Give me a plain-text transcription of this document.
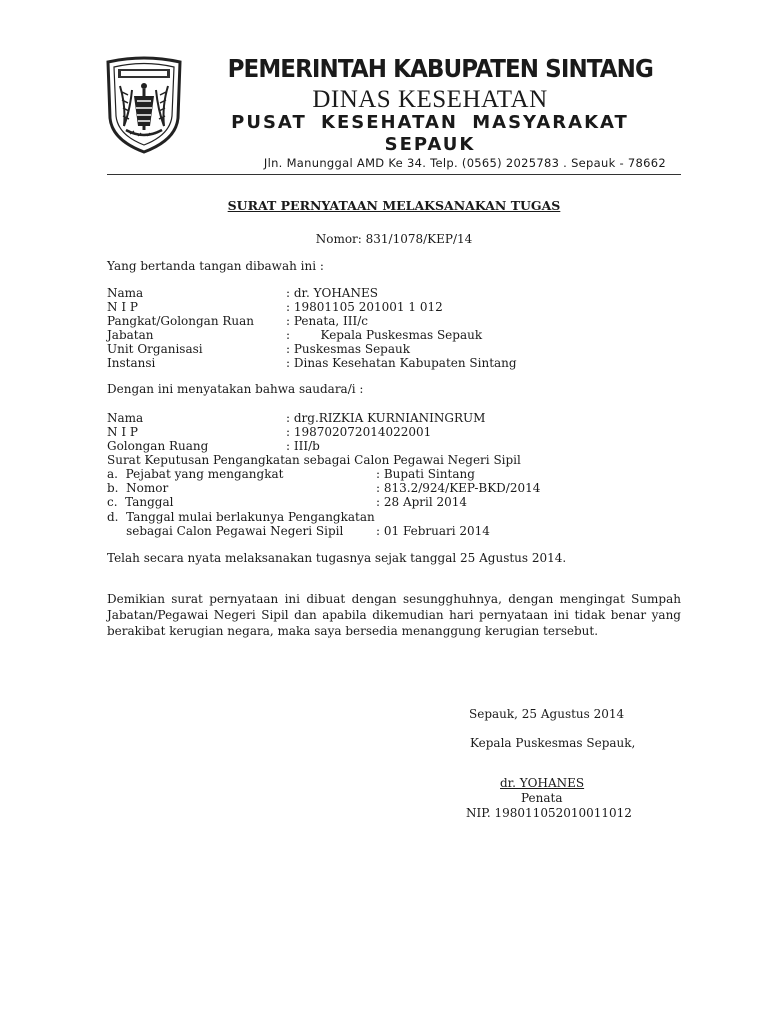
PEMERINTAH KABUPATEN SINTANG
DINAS KESEHATAN
PUSAT KESEHATAN MASYARAKAT
SEPAUK
Jln. Manunggal AMD Ke 34. Telp. (0565) 2025783 . Sepauk - 78662
SURAT PERNYATAAN MELAKSANAKAN TUGAS
Nomor: 831/1078/KEP/14
Yang bertanda tangan dibawah ini :
Nama	: dr. YOHANES
N I P	: 19801105 201001 1 012
Pangkat/Golongan Ruan	: Penata, III/c
Jabatan	:        Kepala Puskesmas Sepauk
Unit Organisasi	: Puskesmas Sepauk
Instansi	: Dinas Kesehatan Kabupaten Sintang
Dengan ini menyatakan bahwa saudara/i :
Nama	: drg.RIZKIA KURNIANINGRUM
N I P	: 198702072014022001
Golongan Ruang	: III/b
Surat Keputusan Pengangkatan sebagai Calon Pegawai Negeri Sipil
a.  Pejabat yang mengangkat	: Bupati Sintang
b.  Nomor	: 813.2/924/KEP-BKD/2014
c.  Tanggal	: 28 April 2014
d.  Tanggal mulai berlakunya Pengangkatan
sebagai Calon Pegawai Negeri Sipil	: 01 Februari 2014
Telah secara nyata melaksanakan tugasnya sejak tanggal 25 Agustus 2014.
Demikian surat pernyataan ini dibuat dengan sesungghuhnya, dengan mengingat Sumpah Jabatan/Pegawai Negeri Sipil dan apabila dikemudian hari pernyataan ini tidak benar yang berakibat kerugian negara, maka saya bersedia menanggung kerugian tersebut.
Sepauk, 25 Agustus 2014
Kepala Puskesmas Sepauk,
dr. YOHANES
Penata
NIP. 198011052010011012
